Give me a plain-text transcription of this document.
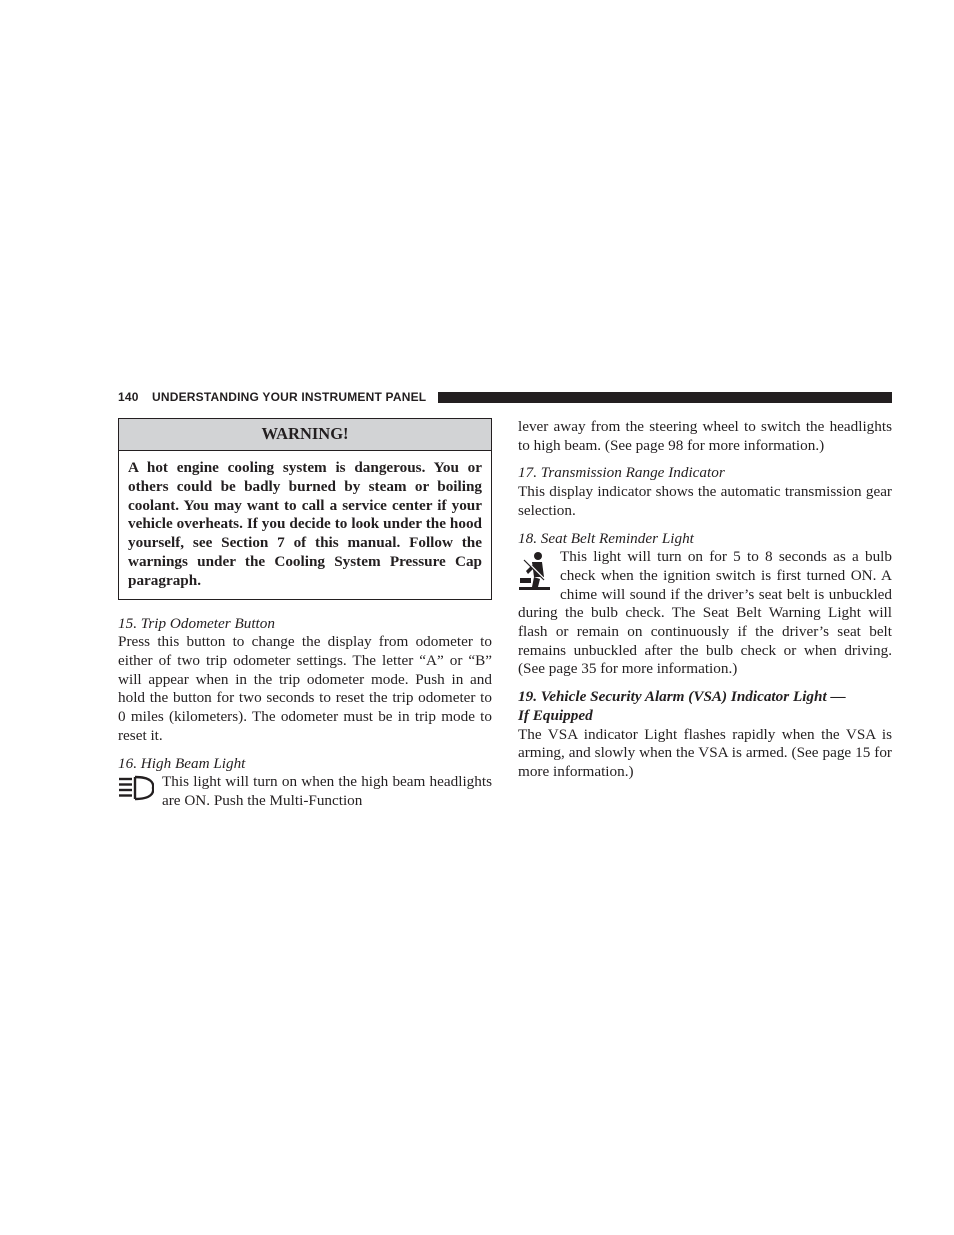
140 UNDERSTANDING YOUR INSTRUMENT PANEL
WARNING!
A hot engine cooling system is dangerous. You or others could be badly burned by steam or boiling coolant. You may want to call a service center if your vehicle overheats. If you decide to look under the hood yourself, see Section 7 of this manual. Follow the warnings under the Cooling System Pressure Cap paragraph.

15. Trip Odometer Button

Press this button to change the display from odometer to either of two trip odometer settings. The letter “A” or “B” will appear when in the trip odometer mode. Push in and hold the button for two seconds to reset the trip odometer to 0 miles (kilometers). The odometer must be in trip mode to reset it.

16. High Beam Light

This light will turn on when the high beam headlights are ON. Push the Multi-Function

lever away from the steering wheel to switch the headlights to high beam. (See page 98 for more information.)

17. Transmission Range Indicator

This display indicator shows the automatic transmission gear selection.

18. Seat Belt Reminder Light

This light will turn on for 5 to 8 seconds as a bulb check when the ignition switch is first turned ON. A chime will sound if the driver’s seat belt is unbuckled during the bulb check. The Seat Belt Warning Light will flash or remain on continuously if the driver’s seat belt remains unbuckled after the bulb check or when driving. (See page 35 for more information.)

19. Vehicle Security Alarm (VSA) Indicator Light —
If Equipped

The VSA indicator Light flashes rapidly when the VSA is arming, and slowly when the VSA is armed. (See page 15 for more information.)
